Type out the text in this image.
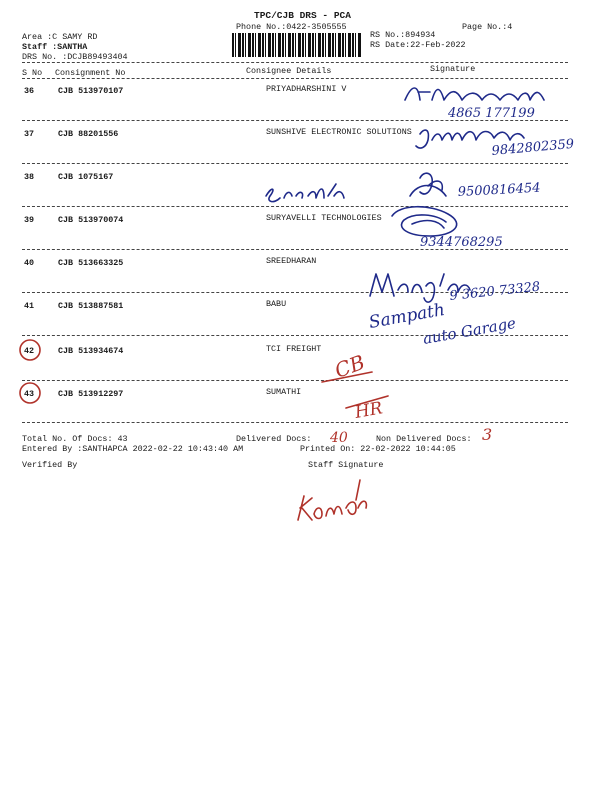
TPC/CJB DRS - PCA
Phone No.:0422-3505555	Page No.:4
Area :C SAMY RD
Staff :SANTHA
DRS No. :DCJB89493404
RS No.:894934
RS Date:22-Feb-2022
S No Consignment No	Consignee Details	Signature
36	CJB 513970107	PRIYADHARSHINI V
37	CJB 88201556	SUNSHIVE ELECTRONIC SOLUTIONS
38	CJB 1075167
39	CJB 513970074	SURYAVELLI TECHNOLOGIES
40	CJB 513663325	SREEDHARAN
41	CJB 513887581	BABU
42	CJB 513934674	TCI FREIGHT
43	CJB 513912297	SUMATHI
Total No. Of Docs: 43	Delivered Docs:	Non Delivered Docs:
Entered By :SANTHAPCA 2022-02-22 10:43:40 AM	Printed On: 22-02-2022 10:44:05
Verified By	Staff Signature
4865 177199
9842802359
9500816454
9344768295
9 3620 73328
Sampath
auto Garage
CB
HR
40	3
